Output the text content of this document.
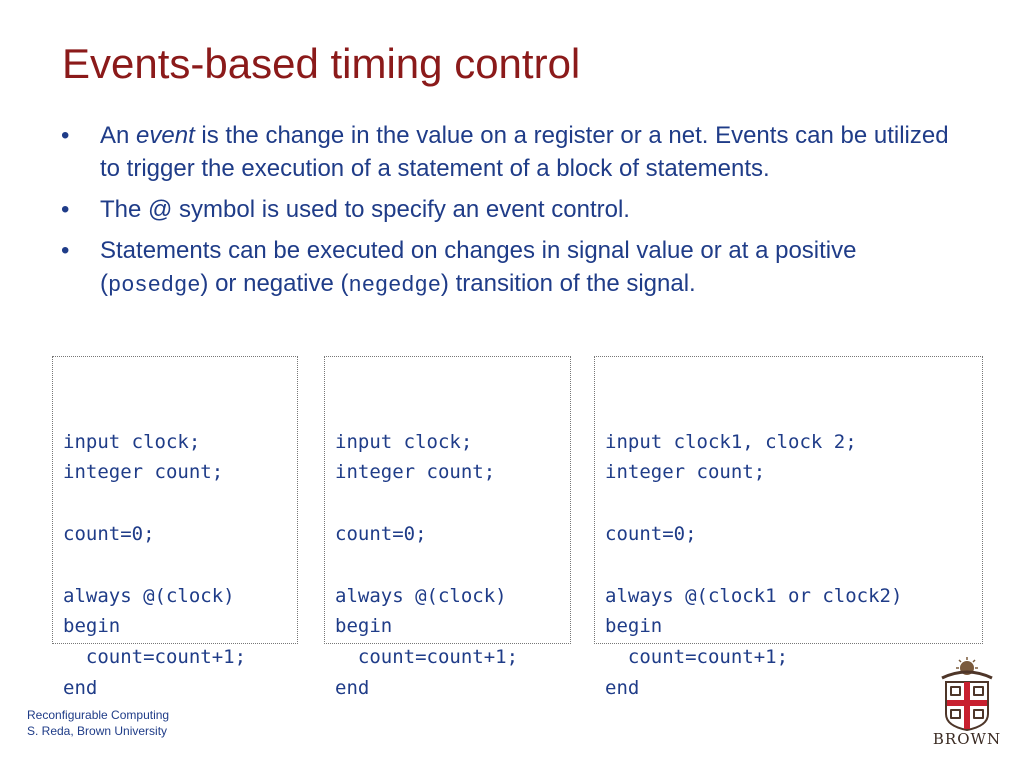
Events-based timing control
• An event is the change in the value on a register or a net. Events can be utilized to trigger the execution of a statement of a block of statements.
• The @ symbol is used to specify an event control.
• Statements can be executed on changes in signal value or at a positive (posedge) or negative (negedge) transition of the signal.

input clock;
integer count;
count=0;
always @(clock)
begin
count=count+1;
end

input clock;
integer count;
count=0;
always @(clock)
begin
count=count+1;
end

input clock1, clock 2;
integer count;
count=0;
always @(clock1 or clock2)
begin
count=count+1;
end

Reconfigurable Computing
S. Reda, Brown University	BROWN
